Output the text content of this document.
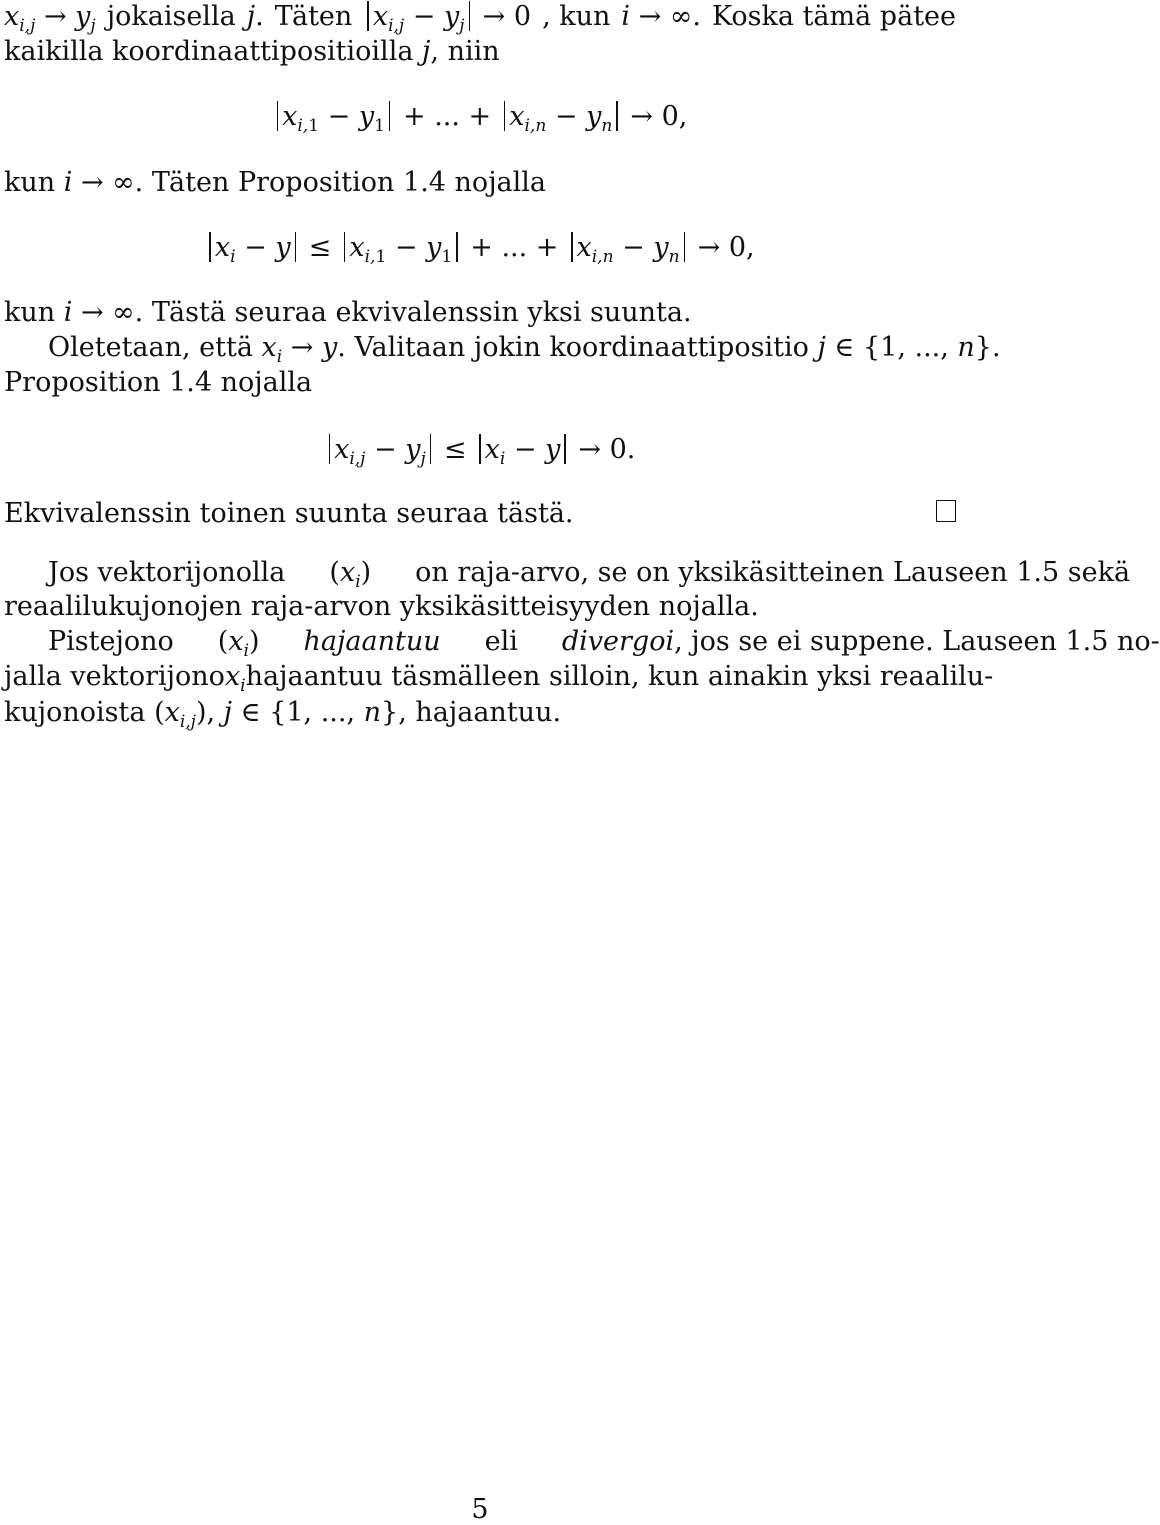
$x_{i,j} \to y_j$ jokaisella j. Täten $x_{i,j} - y_j \to 0$ , kun i → ∞. Koska tämä pätee
kaikilla koordinaattipositioilla j, niin
$x_{i,1} - y_1$ + ... + $x_{i,n} - y_n \to 0$,
kun i → ∞. Täten Proposition 1.4 nojalla
$x_i - y \le x_{i,1} - y_1$ + ... + $x_{i,n} - y_n \to 0$,
kun i → ∞. Tästä seuraa ekvivalenssin yksi suunta.
Oletetaan, että $x_i \to y$. Valitaan jokin koordinaattipositio j ∈ {1, ..., n}.
Proposition 1.4 nojalla
$x_{i,j} - y_j \le x_i - y \to 0$.
Ekvivalenssin toinen suunta seuraa tästä.
Jos vektorijonolla	$(x_i)$	on raja-arvo, se on yksikäsitteinen Lauseen 1.5 sekä
reaalilukujonojen raja-arvon yksikäsitteisyyden nojalla.
Pistejono	$(x_i)$	hajaantuu	eli	divergoi, jos se ei suppene. Lauseen 1.5 no-
jalla vektorijono $x_i$ hajaantuu täsmälleen silloin, kun ainakin yksi reaalilu-
kujonoista $(x_{i,j})$, j ∈ {1, ..., n}, hajaantuu.
5
